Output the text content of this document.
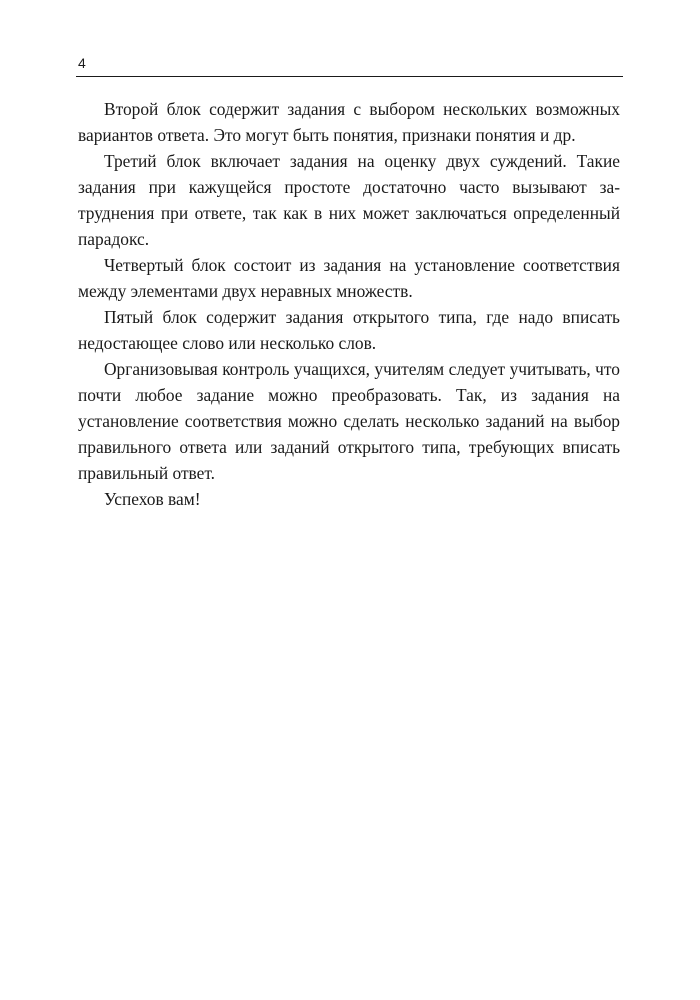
4

Второй блок содержит задания с выбором нескольких возможных вариантов ответа. Это могут быть понятия, признаки понятия и др.

Третий блок включает задания на оценку двух суждений. Такие задания при кажущейся простоте достаточно часто вызывают затруднения при ответе, так как в них может заключаться определенный парадокс.

Четвертый блок состоит из задания на установление соответствия между элементами двух неравных множеств.

Пятый блок содержит задания открытого типа, где надо вписать недостающее слово или несколько слов.

Организовывая контроль учащихся, учителям следует учитывать, что почти любое задание можно преобразовать. Так, из задания на установление соответствия можно сделать несколько заданий на выбор правильного ответа или заданий открытого типа, требующих вписать правильный ответ.

Успехов вам!
